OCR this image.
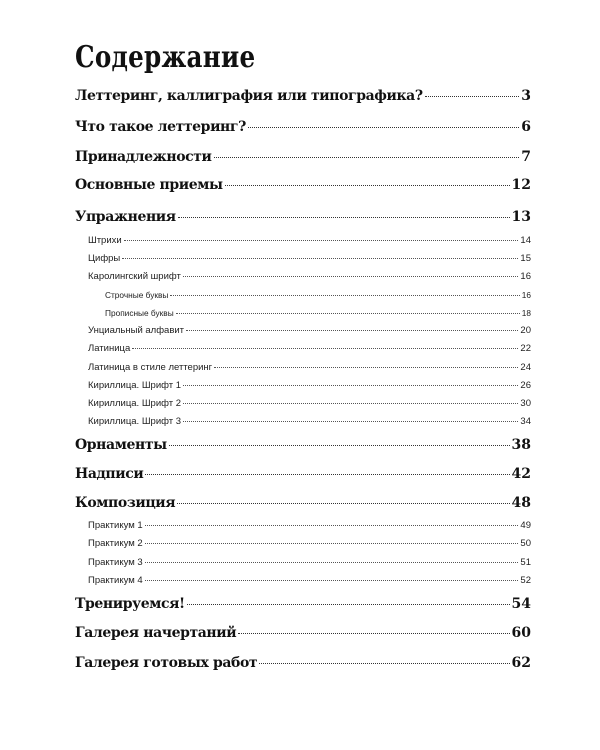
Содержание
Леттеринг, каллиграфия или типографика?	3
Что такое леттеринг?	6
Принадлежности	7
Основные приемы	12
Упражнения	13
Штрихи	14
Цифры	15
Каролингский шрифт	16
Строчные буквы	16
Прописные буквы	18
Унциальный алфавит	20
Латиница	22
Латиница в стиле леттеринг	24
Кириллица. Шрифт 1	26
Кириллица. Шрифт 2	30
Кириллица. Шрифт 3	34
Орнаменты	38
Надписи	42
Композиция	48
Практикум 1	49
Практикум 2	50
Практикум 3	51
Практикум 4	52
Тренируемся!	54
Галерея начертаний	60
Галерея готовых работ	62
